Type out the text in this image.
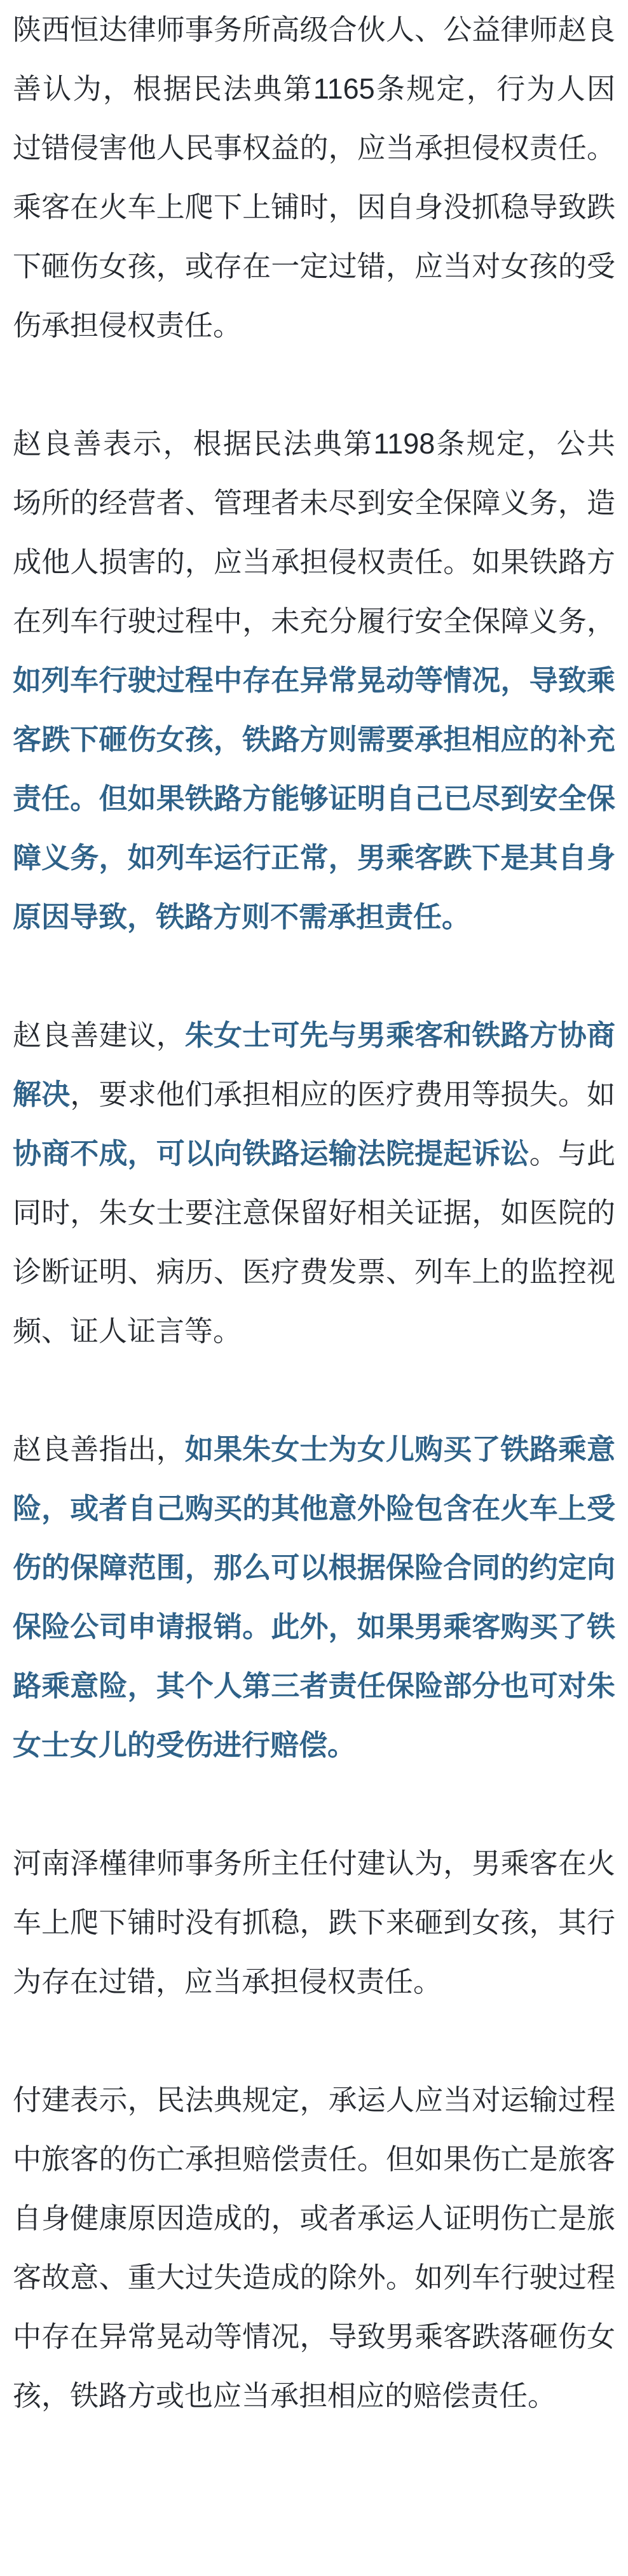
陕西恒达律师事务所高级合伙人、公益律师赵良善认为，根据民法典第1165条规定，行为人因过错侵害他人民事权益的，应当承担侵权责任。乘客在火车上爬下上铺时，因自身没抓稳导致跌下砸伤女孩，或存在一定过错，应当对女孩的受伤承担侵权责任。

赵良善表示，根据民法典第1198条规定，公共场所的经营者、管理者未尽到安全保障义务，造成他人损害的，应当承担侵权责任。如果铁路方在列车行驶过程中，未充分履行安全保障义务，如列车行驶过程中存在异常晃动等情况，导致乘客跌下砸伤女孩，铁路方则需要承担相应的补充责任。但如果铁路方能够证明自己已尽到安全保障义务，如列车运行正常，男乘客跌下是其自身原因导致，铁路方则不需承担责任。

赵良善建议，朱女士可先与男乘客和铁路方协商解决，要求他们承担相应的医疗费用等损失。如协商不成，可以向铁路运输法院提起诉讼。与此同时，朱女士要注意保留好相关证据，如医院的诊断证明、病历、医疗费发票、列车上的监控视频、证人证言等。

赵良善指出，如果朱女士为女儿购买了铁路乘意险，或者自己购买的其他意外险包含在火车上受伤的保障范围，那么可以根据保险合同的约定向保险公司申请报销。此外，如果男乘客购买了铁路乘意险，其个人第三者责任保险部分也可对朱女士女儿的受伤进行赔偿。

河南泽槿律师事务所主任付建认为，男乘客在火车上爬下铺时没有抓稳，跌下来砸到女孩，其行为存在过错，应当承担侵权责任。

付建表示，民法典规定，承运人应当对运输过程中旅客的伤亡承担赔偿责任。但如果伤亡是旅客自身健康原因造成的，或者承运人证明伤亡是旅客故意、重大过失造成的除外。如列车行驶过程中存在异常晃动等情况，导致男乘客跌落砸伤女孩，铁路方或也应当承担相应的赔偿责任。
